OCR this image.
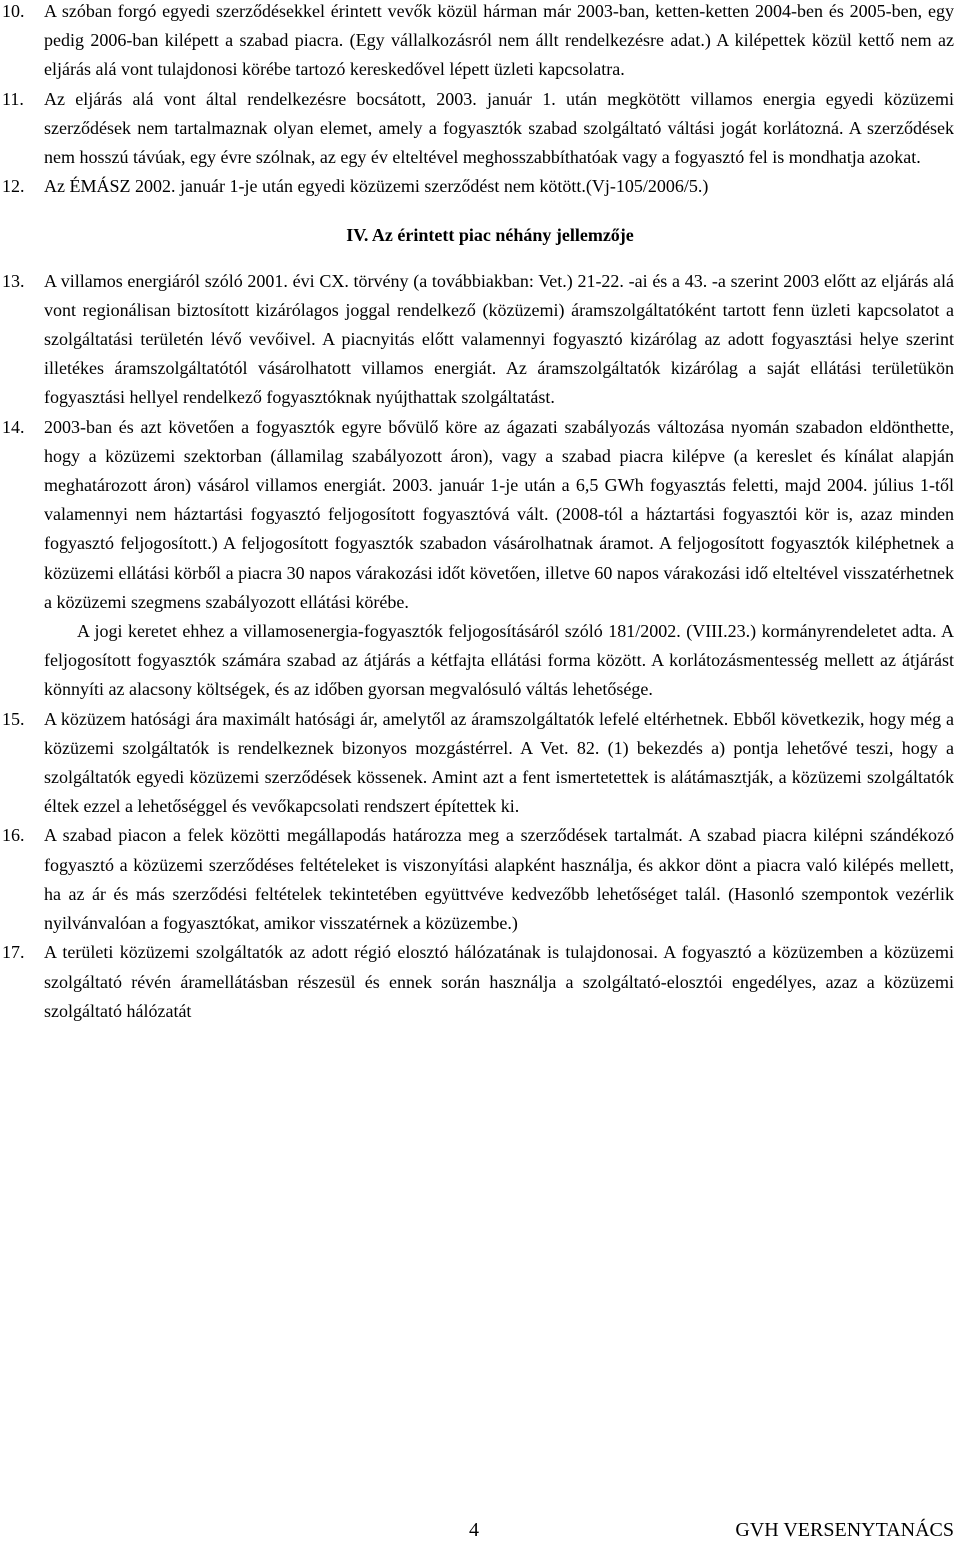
10.	A szóban forgó egyedi szerződésekkel érintett vevők közül hárman már 2003-ban, ketten-ketten 2004-ben és 2005-ben, egy pedig 2006-ban kilépett a szabad piacra. (Egy vállalkozásról nem állt rendelkezésre adat.) A kilépettek közül kettő nem az eljárás alá vont tulajdonosi körébe tartozó kereskedővel lépett üzleti kapcsolatra.
11.	Az eljárás alá vont által rendelkezésre bocsátott, 2003. január 1. után megkötött villamos energia egyedi közüzemi szerződések nem tartalmaznak olyan elemet, amely a fogyasztók szabad szolgáltató váltási jogát korlátozná. A szerződések nem hosszú távúak, egy évre szólnak, az egy év elteltével meghosszabbíthatóak vagy a fogyasztó fel is mondhatja azokat.
12.	Az ÉMÁSZ 2002. január 1-je után egyedi közüzemi szerződést nem kötött.(Vj-105/2006/5.)
IV. Az érintett piac néhány jellemzője
13.	A villamos energiáról szóló 2001. évi CX. törvény (a továbbiakban: Vet.) 21-22. -ai és a 43. -a szerint 2003 előtt az eljárás alá vont regionálisan biztosított kizárólagos joggal rendelkező (közüzemi) áramszolgáltatóként tartott fenn üzleti kapcsolatot a szolgáltatási területén lévő vevőivel. A piacnyitás előtt valamennyi fogyasztó kizárólag az adott fogyasztási helye szerint illetékes áramszolgáltatótól vásárolhatott villamos energiát. Az áramszolgáltatók kizárólag a saját ellátási területükön fogyasztási hellyel rendelkező fogyasztóknak nyújthattak szolgáltatást.
14.	2003-ban és azt követően a fogyasztók egyre bővülő köre az ágazati szabályozás változása nyomán szabadon eldönthette, hogy a közüzemi szektorban (államilag szabályozott áron), vagy a szabad piacra kilépve (a kereslet és kínálat alapján meghatározott áron) vásárol villamos energiát. 2003. január 1-je után a 6,5 GWh fogyasztás feletti, majd 2004. július 1-től valamennyi nem háztartási fogyasztó feljogosított fogyasztóvá vált. (2008-tól a háztartási fogyasztói kör is, azaz minden fogyasztó feljogosított.) A feljogosított fogyasztók szabadon vásárolhatnak áramot. A feljogosított fogyasztók kiléphetnek a közüzemi ellátási körből a piacra 30 napos várakozási időt követően, illetve 60 napos várakozási idő elteltével visszatérhetnek a közüzemi szegmens szabályozott ellátási körébe.
A jogi keretet ehhez a villamosenergia-fogyasztók feljogosításáról szóló 181/2002. (VIII.23.) kormányrendeletet adta. A feljogosított fogyasztók számára szabad az átjárás a kétfajta ellátási forma között. A korlátozásmentesség mellett az átjárást könnyíti az alacsony költségek, és az időben gyorsan megvalósuló váltás lehetősége.
15.	A közüzem hatósági ára maximált hatósági ár, amelytől az áramszolgáltatók lefelé eltérhetnek. Ebből következik, hogy még a közüzemi szolgáltatók is rendelkeznek bizonyos mozgástérrel. A Vet. 82. (1) bekezdés a) pontja lehetővé teszi, hogy a szolgáltatók egyedi közüzemi szerződések kössenek. Amint azt a fent ismertetettek is alátámasztják, a közüzemi szolgáltatók éltek ezzel a lehetőséggel és vevőkapcsolati rendszert építettek ki.
16.	A szabad piacon a felek közötti megállapodás határozza meg a szerződések tartalmát. A szabad piacra kilépni szándékozó fogyasztó a közüzemi szerződéses feltételeket is viszonyítási alapként használja, és akkor dönt a piacra való kilépés mellett, ha az ár és más szerződési feltételek tekintetében együttvéve kedvezőbb lehetőséget talál. (Hasonló szempontok vezérlik nyilvánvalóan a fogyasztókat, amikor visszatérnek a közüzembe.)
17.	A területi közüzemi szolgáltatók az adott régió elosztó hálózatának is tulajdonosai. A fogyasztó a közüzemben a közüzemi szolgáltató révén áramellátásban részesül és ennek során használja a szolgáltató-elosztói engedélyes, azaz a közüzemi szolgáltató hálózatát
4	GVH VERSENYTANÁCS
